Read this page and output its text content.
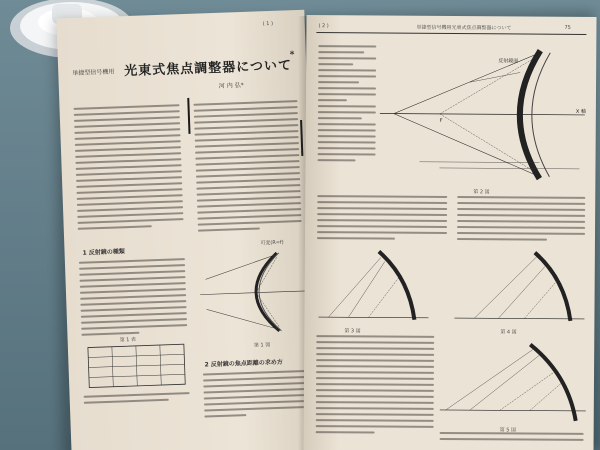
( 1 )
単捷型信号機用 光東式焦点調整器について
*
河 内 弘*
1 反射鏡の種類
第 1 表
可変(R=f)
第 1 図
2 反射鏡の焦点距離の求め方
( 2 )	単捷型信号機用光東式焦点調整器について	75
X 軸
反射鏡面
F
第 2 図
第 3 図	第 4 図
第 5 図
